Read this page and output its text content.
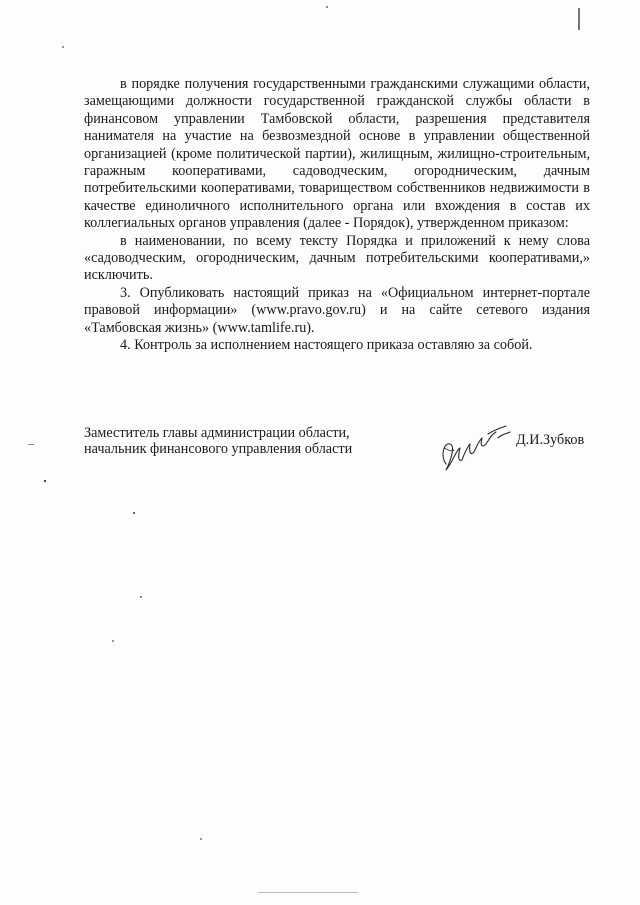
в порядке получения государственными гражданскими служащими области, замещающими должности государственной гражданской службы области в финансовом управлении Тамбовской области, разрешения представителя нанимателя на участие на безвозмездной основе в управлении общественной организацией (кроме политической партии), жилищным, жилищно-строительным, гаражным кооперативами, садоводческим, огородническим, дачным потребительскими кооперативами, товариществом собственников недвижимости в качестве единоличного исполнительного органа или вхождения в состав их коллегиальных органов управления (далее - Порядок), утвержденном приказом:

в наименовании, по всему тексту Порядка и приложений к нему слова «садоводческим, огородническим, дачным потребительскими кооперативами,» исключить.

3. Опубликовать настоящий приказ на «Официальном интернет-портале правовой информации» (www.pravo.gov.ru) и на сайте сетевого издания «Тамбовская жизнь» (www.tamlife.ru).

4. Контроль за исполнением настоящего приказа оставляю за собой.

Заместитель главы администрации области,
начальник финансового управления области
Д.И.Зубков
